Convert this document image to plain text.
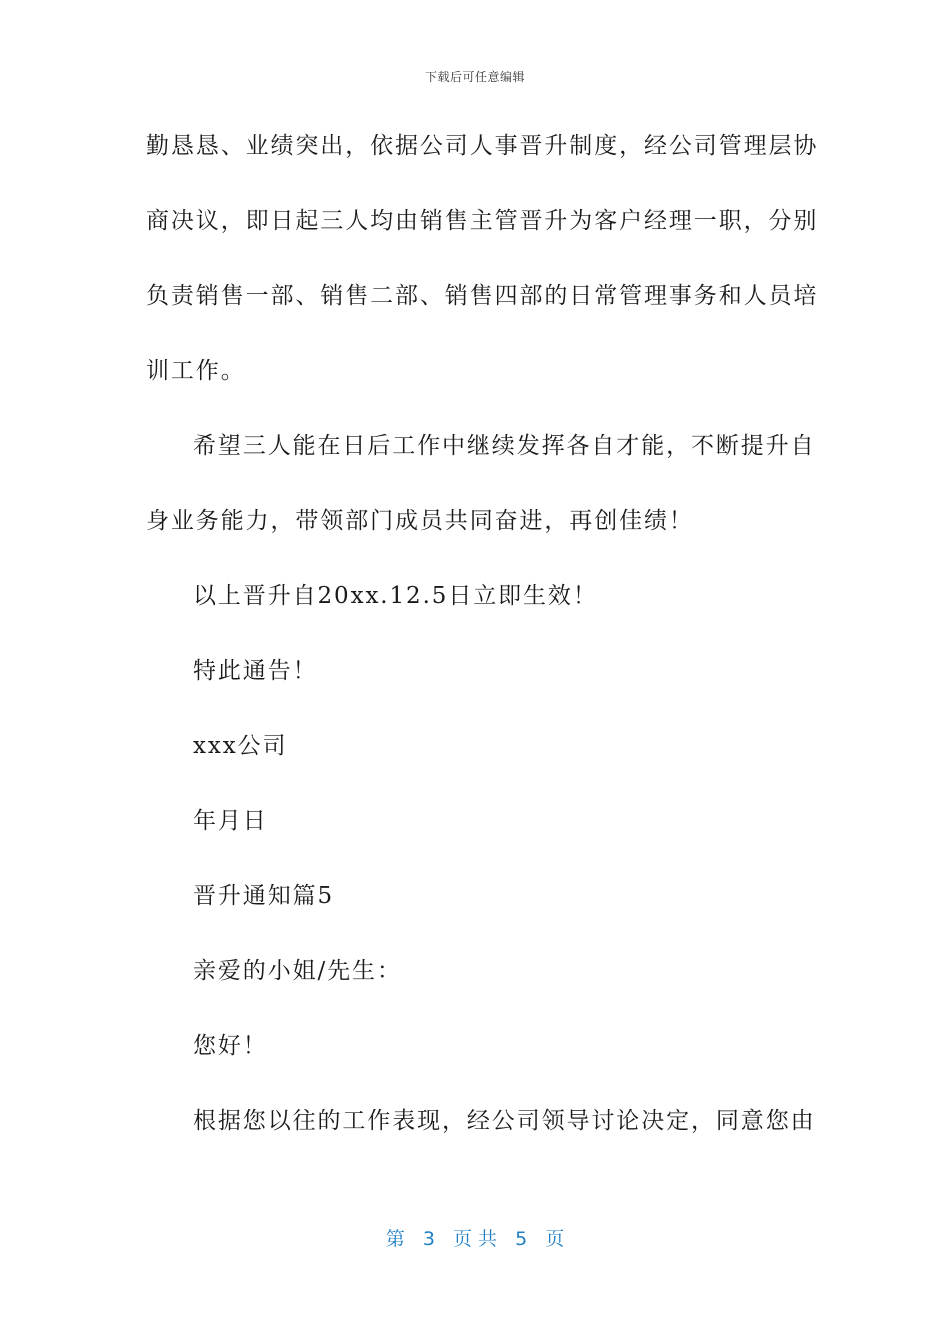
下载后可任意编辑
勤恳恳、业绩突出，依据公司人事晋升制度，经公司管理层协
商决议，即日起三人均由销售主管晋升为客户经理一职，分别
负责销售一部、销售二部、销售四部的日常管理事务和人员培
训工作。
希望三人能在日后工作中继续发挥各自才能，不断提升自
身业务能力，带领部门成员共同奋进，再创佳绩！
以上晋升自20xx.12.5日立即生效！
特此通告！
xxx公司
年月日
晋升通知篇5
亲爱的小姐/先生：
您好！
根据您以往的工作表现，经公司领导讨论决定，同意您由
第 3 页 共 5 页
